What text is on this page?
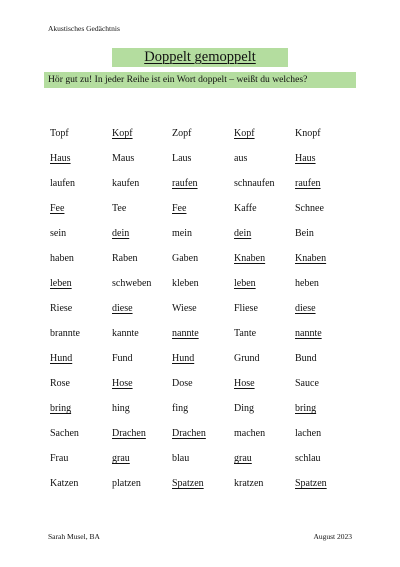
Akustisches Gedächtnis
Doppelt gemoppelt
Hör gut zu! In jeder Reihe ist ein Wort doppelt – weißt du welches?
Topf	Kopf	Zopf	Kopf	Knopf
Haus	Maus	Laus	aus	Haus
laufen	kaufen	raufen	schnaufen	raufen
Fee	Tee	Fee	Kaffe	Schnee
sein	dein	mein	dein	Bein
haben	Raben	Gaben	Knaben	Knaben
leben	schweben	kleben	leben	heben
Riese	diese	Wiese	Fliese	diese
brannte	kannte	nannte	Tante	nannte
Hund	Fund	Hund	Grund	Bund
Rose	Hose	Dose	Hose	Sauce
bring	hing	fing	Ding	bring
Sachen	Drachen	Drachen	machen	lachen
Frau	grau	blau	grau	schlau
Katzen	platzen	Spatzen	kratzen	Spatzen
Sarah Musel, BA	August 2023
